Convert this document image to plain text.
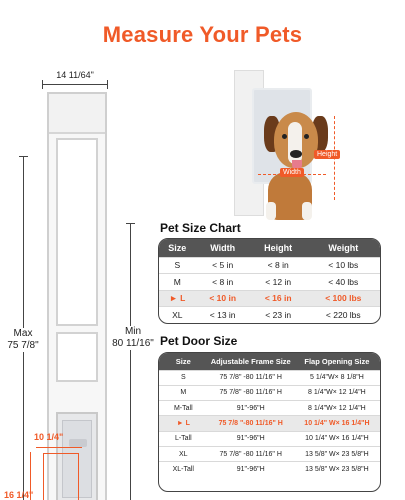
Measure Your Pets
14 11/64"
Max
75 7/8"
Min
80 11/16"
10 1/4"
16 1/4"
Width
Height
Pet Size Chart
Size	Width	Height	Weight
S	< 5 in	< 8 in	< 10 lbs
M	< 8 in	< 12 in	< 40 lbs
► L	< 10 in	< 16 in	< 100 lbs
XL	< 13 in	< 23 in	< 220 lbs
Pet Door Size
Size	Adjustable Frame Size	Flap Opening Size
S	75 7/8" -80 11/16" H	5 1/4"W× 8 1/8"H
M	75 7/8" -80 11/16" H	8 1/4"W× 12 1/4"H
M-Tall	91"-96"H	8 1/4"W× 12 1/4"H
► L	75 7/8 "-80 11/16" H	10 1/4" W× 16 1/4"H
L-Tall	91"-96"H	10 1/4" W× 16 1/4"H
XL	75 7/8" -80 11/16" H	13 5/8" W× 23 5/8"H
XL-Tall	91"-96"H	13 5/8" W× 23 5/8"H
